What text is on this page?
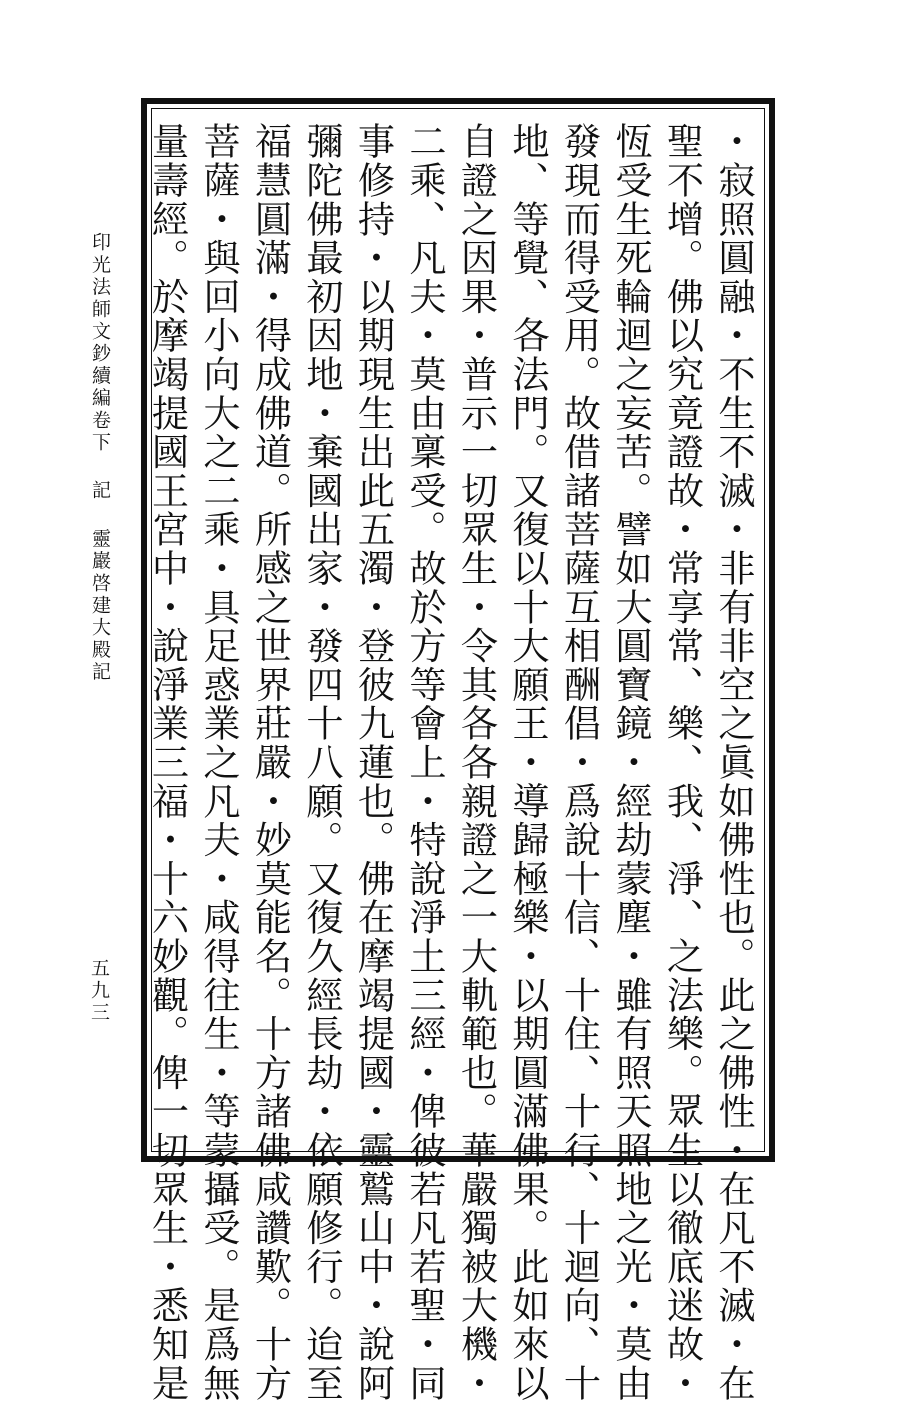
印光法師文鈔續編卷下記靈巖啓建大殿記
五九三	・寂照圓融・不生不滅・非有非空之眞如佛性也。此之佛性・在凡不滅・在
聖不增。佛以究竟證故・常享常、樂、我、淨、之法樂。眾生以徹底迷故・
恆受生死輪迴之妄苦。譬如大圓寶鏡・經劫蒙塵・雖有照天照地之光・莫由
發現而得受用。故借諸菩薩互相酬倡・爲說十信、十住、十行、十迴向、十
地、等覺、各法門。又復以十大願王・導歸極樂・以期圓滿佛果。此如來以
自證之因果・普示一切眾生・令其各各親證之一大軌範也。華嚴獨被大機・
二乘、凡夫・莫由稟受。故於方等會上・特說淨土三經・俾彼若凡若聖・同
事修持・以期現生出此五濁・登彼九蓮也。佛在摩竭提國・靈鷲山中・說阿
彌陀佛最初因地・棄國出家・發四十八願。又復久經長劫・依願修行。迨至
福慧圓滿・得成佛道。所感之世界莊嚴・妙莫能名。十方諸佛咸讚歎。十方
菩薩・與回小向大之二乘・具足惑業之凡夫・咸得往生・等蒙攝受。是爲無
量壽經。於摩竭提國王宮中・說淨業三福・十六妙觀。俾一切眾生・悉知是
